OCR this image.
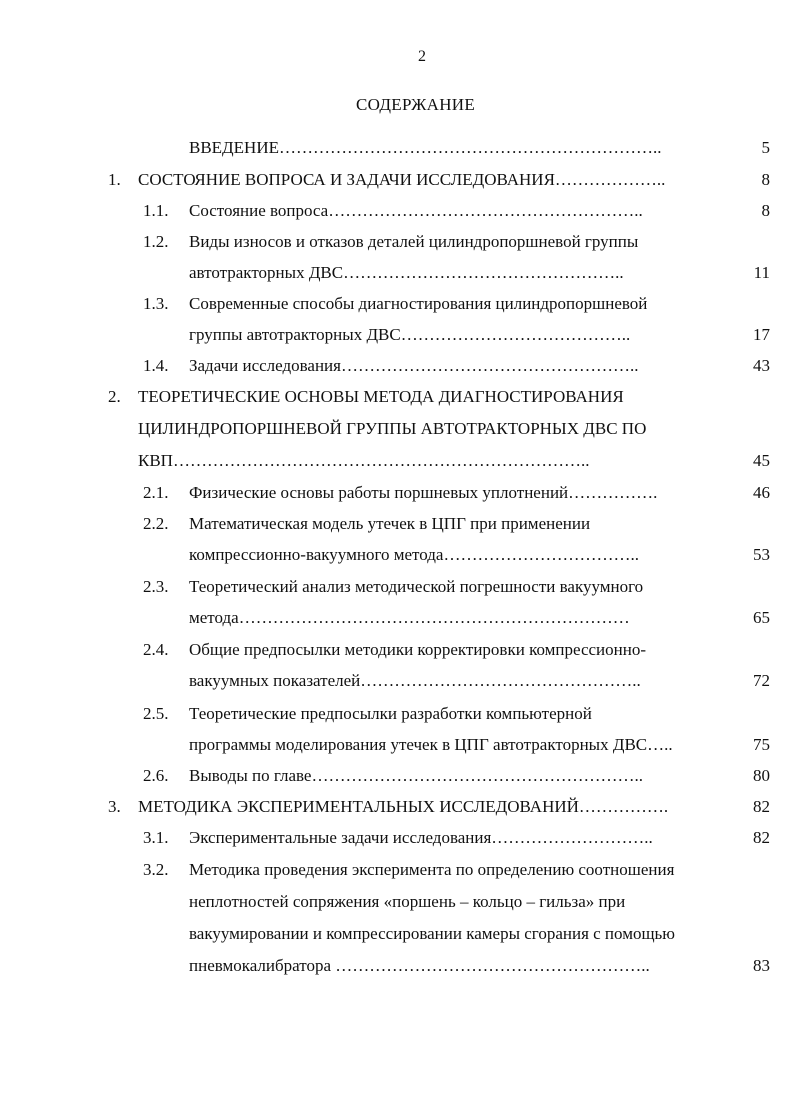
2
СОДЕРЖАНИЕ
ВВЕДЕНИЕ…………………………………………………………..	5
1. СОСТОЯНИЕ ВОПРОСА И ЗАДАЧИ ИССЛЕДОВАНИЯ………………..	8
1.1. Состояние вопроса………………………………………………..	8
1.2. Виды износов и отказов деталей цилиндропоршневой группы
автотракторных ДВС…………………………………………..	11
1.3. Современные способы диагностирования цилиндропоршневой
группы автотракторных ДВС…………………………………..	17
1.4. Задачи исследования……………………………………………..	43
2. ТЕОРЕТИЧЕСКИЕ ОСНОВЫ МЕТОДА ДИАГНОСТИРОВАНИЯ
ЦИЛИНДРОПОРШНЕВОЙ ГРУППЫ АВТОТРАКТОРНЫХ ДВС ПО
КВП………………………………………………………………..	45
2.1. Физические основы работы поршневых уплотнений…………….	46
2.2. Математическая модель утечек в ЦПГ при применении
компрессионно-вакуумного метода……………………………..	53
2.3. Теоретический анализ методической погрешности вакуумного
метода……………………………………………………………	65
2.4. Общие предпосылки методики корректировки компрессионно-
вакуумных показателей…………………………………………..	72
2.5. Теоретические предпосылки разработки компьютерной
программы моделирования утечек в ЦПГ автотракторных ДВС…..	75
2.6. Выводы по главе…………………………………………………..	80
3. МЕТОДИКА ЭКСПЕРИМЕНТАЛЬНЫХ ИССЛЕДОВАНИЙ…………….	82
3.1. Экспериментальные задачи исследования………………………..	82
3.2. Методика проведения эксперимента по определению соотношения
неплотностей сопряжения «поршень – кольцо – гильза» при
вакуумировании и компрессировании камеры сгорания с помощью
пневмокалибратора ………………………………………………..	83
